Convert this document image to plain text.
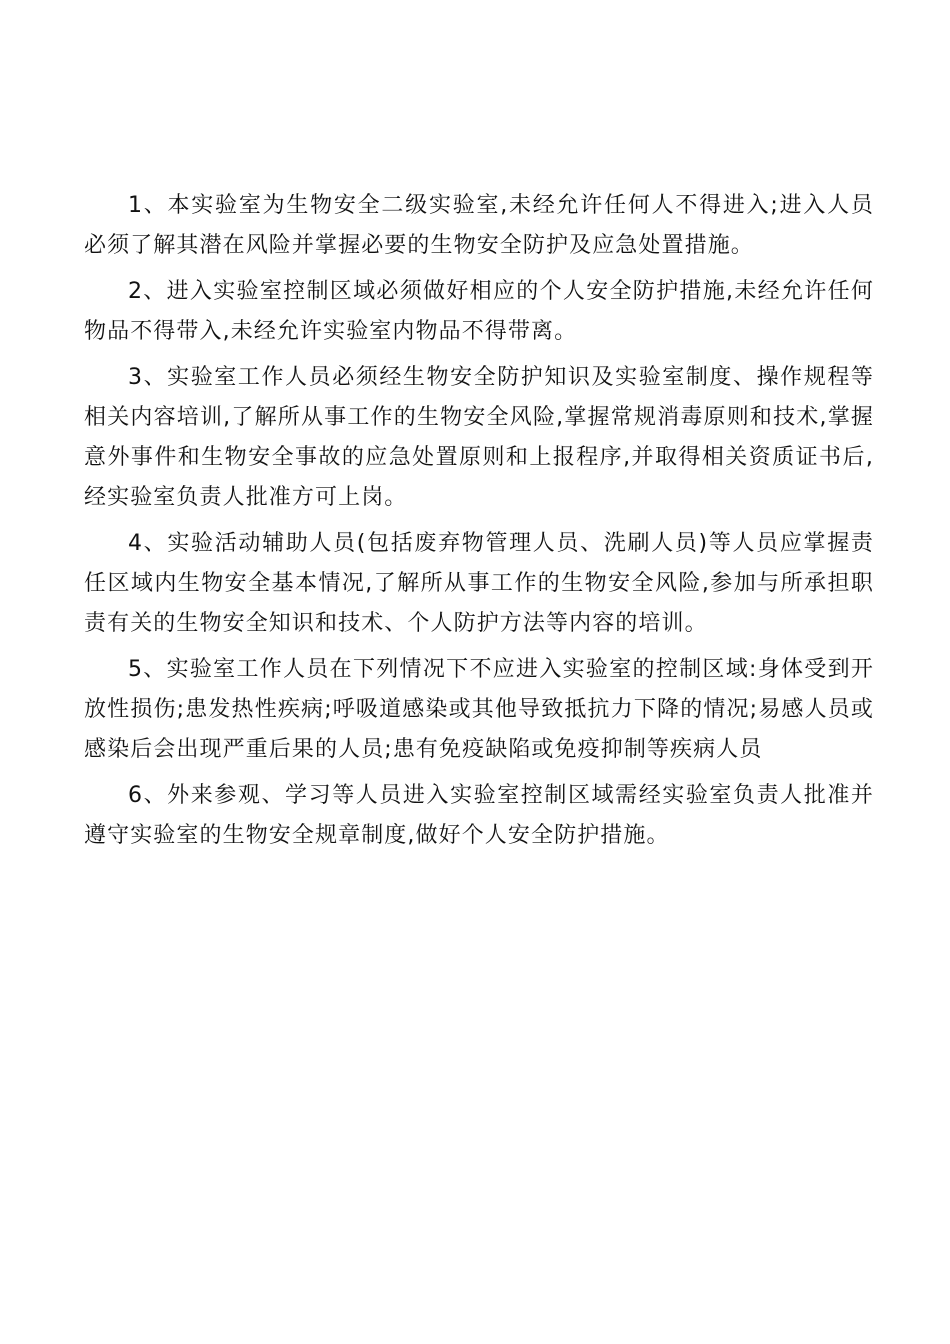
1、本实验室为生物安全二级实验室,未经允许任何人不得进入;进入人员必须了解其潜在风险并掌握必要的生物安全防护及应急处置措施。

2、进入实验室控制区域必须做好相应的个人安全防护措施,未经允许任何物品不得带入,未经允许实验室内物品不得带离。

3、实验室工作人员必须经生物安全防护知识及实验室制度、操作规程等相关内容培训,了解所从事工作的生物安全风险,掌握常规消毒原则和技术,掌握意外事件和生物安全事故的应急处置原则和上报程序,并取得相关资质证书后,经实验室负责人批准方可上岗。

4、实验活动辅助人员(包括废弃物管理人员、洗刷人员)等人员应掌握责任区域内生物安全基本情况,了解所从事工作的生物安全风险,参加与所承担职责有关的生物安全知识和技术、个人防护方法等内容的培训。

5、实验室工作人员在下列情况下不应进入实验室的控制区域:身体受到开放性损伤;患发热性疾病;呼吸道感染或其他导致抵抗力下降的情况;易感人员或感染后会出现严重后果的人员;患有免疫缺陷或免疫抑制等疾病人员

6、外来参观、学习等人员进入实验室控制区域需经实验室负责人批准并遵守实验室的生物安全规章制度,做好个人安全防护措施。
